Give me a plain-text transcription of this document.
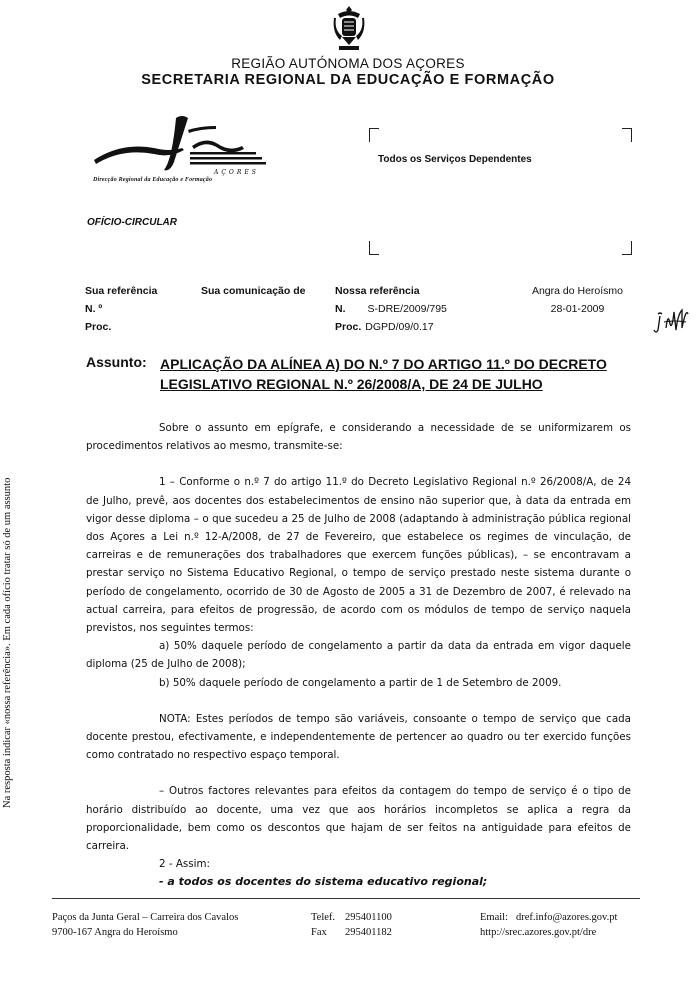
REGIÃO AUTÓNOMA DOS AÇORES
SECRETARIA REGIONAL DA EDUCAÇÃO E FORMAÇÃO
AÇORES
Direcção Regional da Educação e Formação
Todos os Serviços Dependentes
OFÍCIO-CIRCULAR
Sua referência
N. º
Proc.
Sua comunicação de	Nossa referência
N. S-DRE/2009/795
Proc. DGPD/09/0.17
Angra do Heroísmo
28-01-2009
Assunto: APLICAÇÃO DA ALÍNEA A) DO N.º 7 DO ARTIGO 11.º DO DECRETO
LEGISLATIVO REGIONAL N.º 26/2008/A, DE 24 DE JULHO

Sobre o assunto em epígrafe, e considerando a necessidade de se uniformizarem os procedimentos relativos ao mesmo, transmite-se:

1 – Conforme o n.º 7 do artigo 11.º do Decreto Legislativo Regional n.º 26/2008/A, de 24 de Julho, prevê, aos docentes dos estabelecimentos de ensino não superior que, à data da entrada em vigor desse diploma – o que sucedeu a 25 de Julho de 2008 (adaptando à administração pública regional dos Açores a Lei n.º 12-A/2008, de 27 de Fevereiro, que estabelece os regimes de vinculação, de carreiras e de remunerações dos trabalhadores que exercem funções públicas), – se encontravam a prestar serviço no Sistema Educativo Regional, o tempo de serviço prestado neste sistema durante o período de congelamento, ocorrido de 30 de Agosto de 2005 a 31 de Dezembro de 2007, é relevado na actual carreira, para efeitos de progressão, de acordo com os módulos de tempo de serviço naquela previstos, nos seguintes termos:

a) 50% daquele período de congelamento a partir da data da entrada em vigor daquele diploma (25 de Julho de 2008);

b) 50% daquele período de congelamento a partir de 1 de Setembro de 2009.

NOTA: Estes períodos de tempo são variáveis, consoante o tempo de serviço que cada docente prestou, efectivamente, e independentemente de pertencer ao quadro ou ter exercido funções como contratado no respectivo espaço temporal.

– Outros factores relevantes para efeitos da contagem do tempo de serviço é o tipo de horário distribuído ao docente, uma vez que aos horários incompletos se aplica a regra da proporcionalidade, bem como os descontos que hajam de ser feitos na antiguidade para efeitos de carreira.

2 - Assim:

- a todos os docentes do sistema educativo regional;

Na resposta indicar «nossa referência». Em cada ofício tratar só de um assunto
Paços da Junta Geral – Carreira dos Cavalos
9700-167 Angra do Heroísmo
Telef. 295401100
Fax 295401182
Email: dref.info@azores.gov.pt
http://srec.azores.gov.pt/dre
